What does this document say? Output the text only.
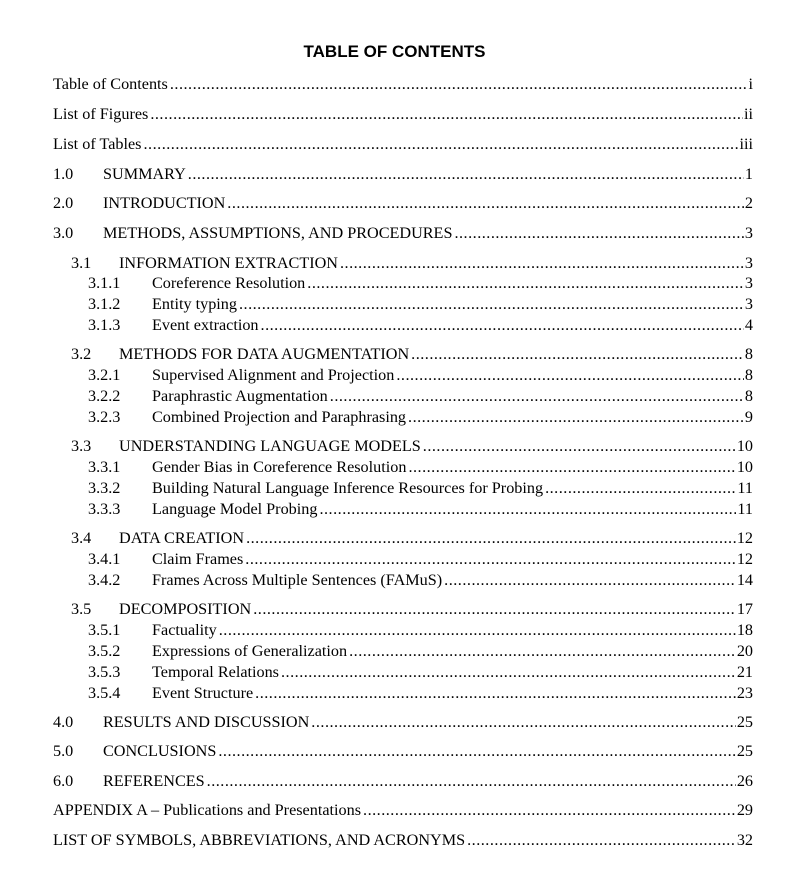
TABLE OF CONTENTS
Table of Contents .....	i
List of Figures .....	ii
List of Tables .....	iii
1.0	SUMMARY .....	1
2.0	INTRODUCTION .....	2
3.0	METHODS, ASSUMPTIONS, AND PROCEDURES .....	3
3.1	INFORMATION EXTRACTION .....	3
3.1.1	Coreference Resolution .....	3
3.1.2	Entity typing .....	3
3.1.3	Event extraction .....	4
3.2	METHODS FOR DATA AUGMENTATION .....	8
3.2.1	Supervised Alignment and Projection .....	8
3.2.2	Paraphrastic Augmentation .....	8
3.2.3	Combined Projection and Paraphrasing .....	9
3.3	UNDERSTANDING LANGUAGE MODELS .....	10
3.3.1	Gender Bias in Coreference Resolution .....	10
3.3.2	Building Natural Language Inference Resources for Probing .....	11
3.3.3	Language Model Probing .....	11
3.4	DATA CREATION .....	12
3.4.1	Claim Frames .....	12
3.4.2	Frames Across Multiple Sentences (FAMuS) .....	14
3.5	DECOMPOSITION .....	17
3.5.1	Factuality .....	18
3.5.2	Expressions of Generalization .....	20
3.5.3	Temporal Relations .....	21
3.5.4	Event Structure .....	23
4.0	RESULTS AND DISCUSSION .....	25
5.0	CONCLUSIONS .....	25
6.0	REFERENCES .....	26
APPENDIX A – Publications and Presentations .....	29
LIST OF SYMBOLS, ABBREVIATIONS, AND ACRONYMS .....	32
